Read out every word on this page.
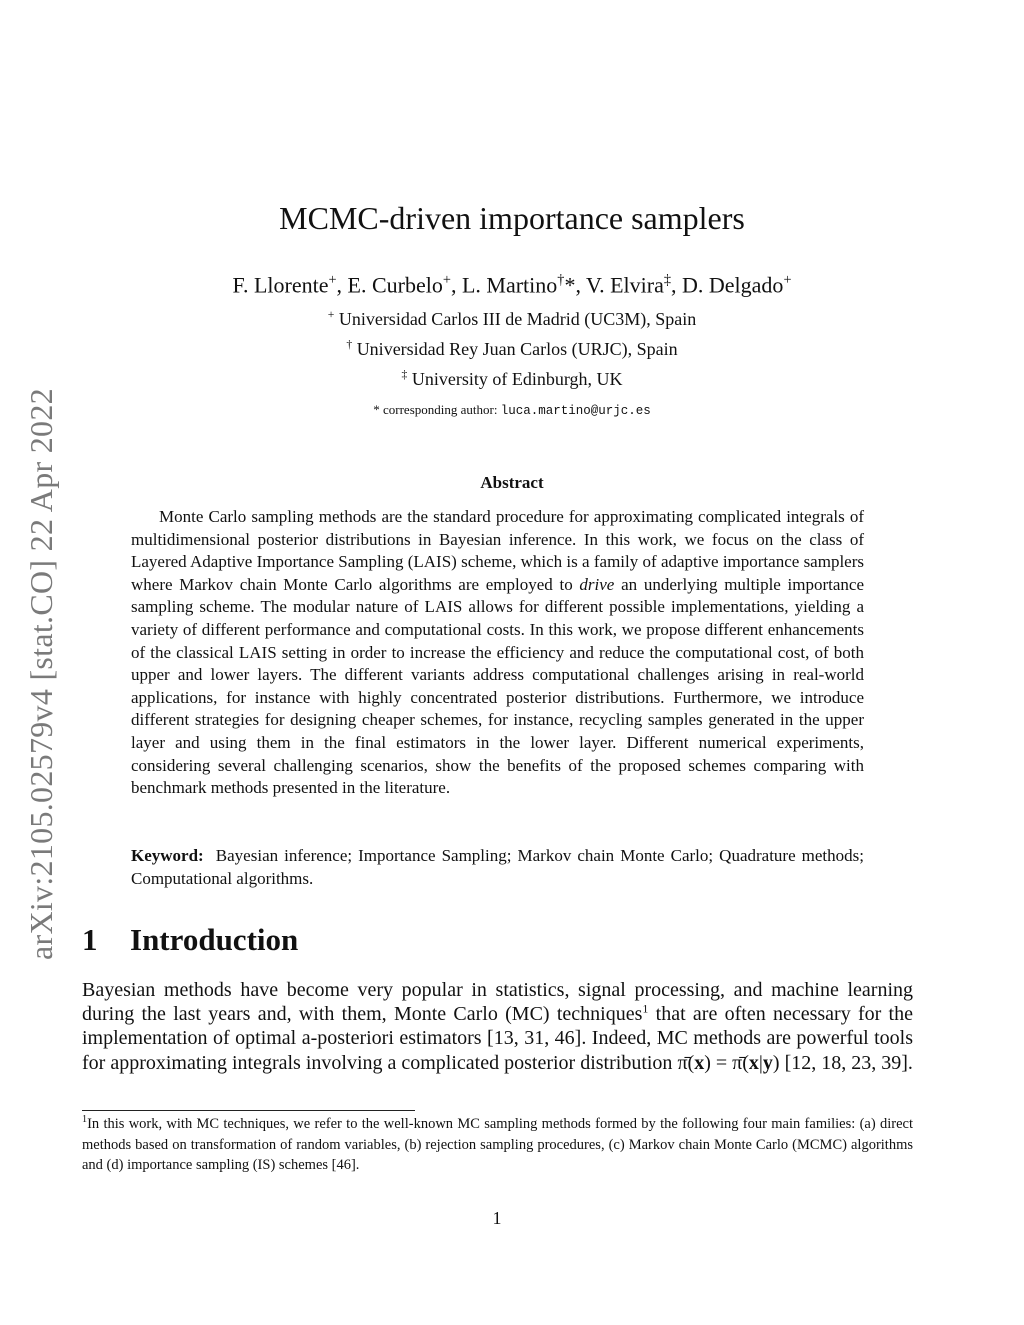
arXiv:2105.02579v4 [stat.CO] 22 Apr 2022
MCMC-driven importance samplers
F. Llorente+, E. Curbelo+, L. Martino†*, V. Elvira‡, D. Delgado+
+ Universidad Carlos III de Madrid (UC3M), Spain
† Universidad Rey Juan Carlos (URJC), Spain
‡ University of Edinburgh, UK
* corresponding author: luca.martino@urjc.es
Abstract

Monte Carlo sampling methods are the standard procedure for approximating complicated integrals of multidimensional posterior distributions in Bayesian inference. In this work, we focus on the class of Layered Adaptive Importance Sampling (LAIS) scheme, which is a family of adaptive importance samplers where Markov chain Monte Carlo algorithms are employed to drive an underlying multiple importance sampling scheme. The modular nature of LAIS allows for different possible implementations, yielding a variety of different performance and computational costs. In this work, we propose different enhancements of the classical LAIS setting in order to increase the efficiency and reduce the computational cost, of both upper and lower layers. The different variants address computational challenges arising in real-world applications, for instance with highly concentrated posterior distributions. Furthermore, we introduce different strategies for designing cheaper schemes, for instance, recycling samples generated in the upper layer and using them in the final estimators in the lower layer. Different numerical experiments, considering several challenging scenarios, show the benefits of the proposed schemes comparing with benchmark methods presented in the literature.

Keyword: Bayesian inference; Importance Sampling; Markov chain Monte Carlo; Quadrature methods; Computational algorithms.

1 Introduction

Bayesian methods have become very popular in statistics, signal processing, and machine learning during the last years and, with them, Monte Carlo (MC) techniques$^1$ that are often necessary for the implementation of optimal a-posteriori estimators [13, 31, 46]. Indeed, MC methods are powerful tools for approximating integrals involving a complicated posterior distribution π̄(x) = π̄(x|y) [12, 18, 23, 39].

$^1$In this work, with MC techniques, we refer to the well-known MC sampling methods formed by the following four main families: (a) direct methods based on transformation of random variables, (b) rejection sampling procedures, (c) Markov chain Monte Carlo (MCMC) algorithms and (d) importance sampling (IS) schemes [46].

1
